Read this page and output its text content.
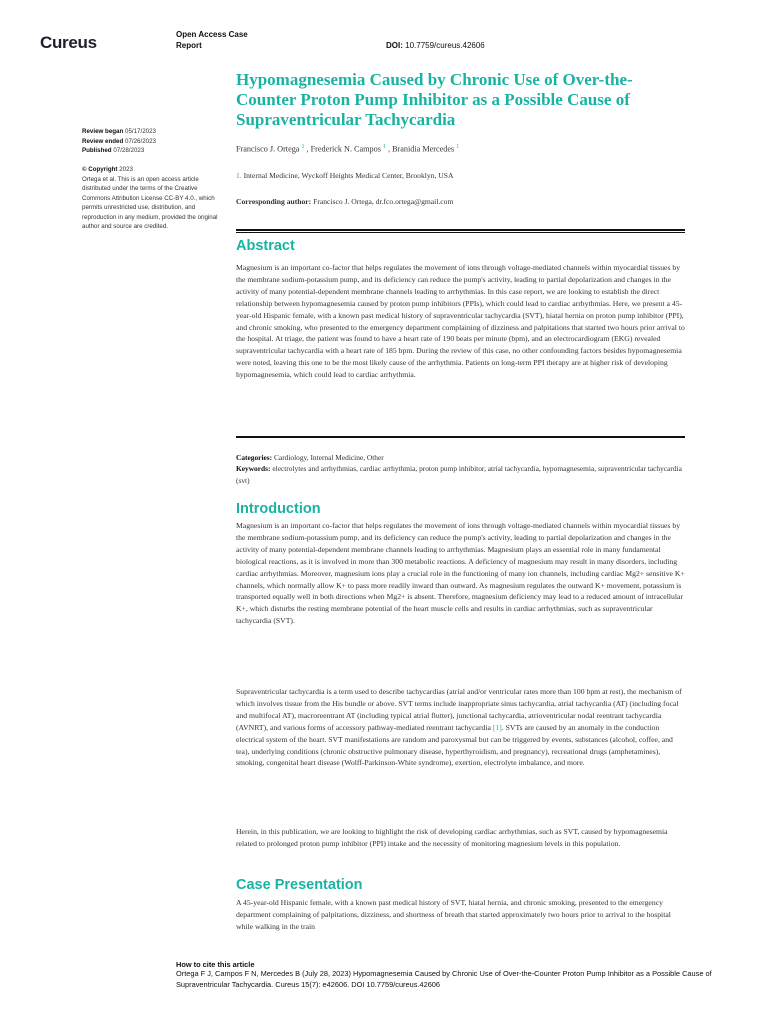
Cureus	Open Access Case
Report	DOI: 10.7759/cureus.42606
Hypomagnesemia Caused by Chronic Use of Over-the-Counter Proton Pump Inhibitor as a Possible Cause of Supraventricular Tachycardia
Francisco J. Ortega $^1$ , Frederick N. Campos $^1$ , Branidia Mercedes $^1$
1. Internal Medicine, Wyckoff Heights Medical Center, Brooklyn, USA
Corresponding author: Francisco J. Ortega, dr.fco.ortega@gmail.com
Review began 05/17/2023
Review ended 07/26/2023
Published 07/28/2023
© Copyright 2023
Ortega et al. This is an open access article distributed under the terms of the Creative Commons Attribution License CC-BY 4.0., which permits unrestricted use, distribution, and reproduction in any medium, provided the original author and source are credited.
Abstract

Magnesium is an important co-factor that helps regulates the movement of ions through voltage-mediated channels within myocardial tissues by the membrane sodium-potassium pump, and its deficiency can reduce the pump's activity, leading to partial depolarization and changes in the activity of many potential-dependent membrane channels leading to arrhythmias. In this case report, we are looking to establish the direct relationship between hypomagnesemia caused by proton pump inhibitors (PPIs), which could lead to cardiac arrhythmias. Here, we present a 45-year-old Hispanic female, with a known past medical history of supraventricular tachycardia (SVT), hiatal hernia on proton pump inhibitor (PPI), and chronic smoking, who presented to the emergency department complaining of dizziness and palpitations that started two hours prior arrival to the hospital. At triage, the patient was found to have a heart rate of 190 beats per minute (bpm), and an electrocardiogram (EKG) revealed supraventricular tachycardia with a heart rate of 185 bpm. During the review of this case, no other confounding factors besides hypomagnesemia were noted, leaving this one to be the most likely cause of the arrhythmia. Patients on long-term PPI therapy are at higher risk of developing hypomagnesemia, which could lead to cardiac arrhythmia.

Categories: Cardiology, Internal Medicine, Other
Keywords: electrolytes and arrhythmias, cardiac arrhythmia, proton pump inhibitor, atrial tachycardia, hypomagnesemia, supraventricular tachycardia (svt)
Introduction

Magnesium is an important co-factor that helps regulates the movement of ions through voltage-mediated channels within myocardial tissues by the membrane sodium-potassium pump, and its deficiency can reduce the pump's activity, leading to partial depolarization and changes in the activity of many potential-dependent membrane channels leading to arrhythmias. Magnesium plays an essential role in many fundamental biological reactions, as it is involved in more than 300 metabolic reactions. A deficiency of magnesium may result in many disorders, including cardiac arrhythmias. Moreover, magnesium ions play a crucial role in the functioning of many ion channels, including cardiac Mg2+ sensitive K+ channels, which normally allow K+ to pass more readily inward than outward. As magnesium regulates the outward K+ movement, potassium is transported equally well in both directions when Mg2+ is absent. Therefore, magnesium deficiency may lead to a reduced amount of intracellular K+, which disturbs the resting membrane potential of the heart muscle cells and results in cardiac arrhythmias, such as supraventricular tachycardia (SVT).

Supraventricular tachycardia is a term used to describe tachycardias (atrial and/or ventricular rates more than 100 bpm at rest), the mechanism of which involves tissue from the His bundle or above. SVT terms include inappropriate sinus tachycardia, atrial tachycardia (AT) (including focal and multifocal AT), macroreentrant AT (including typical atrial flutter), junctional tachycardia, atrioventricular nodal reentrant tachycardia (AVNRT), and various forms of accessory pathway-mediated reentrant tachycardia [1]. SVTs are caused by an anomaly in the conduction electrical system of the heart. SVT manifestations are random and paroxysmal but can be triggered by events, substances (alcohol, coffee, and tea), underlying conditions (chronic obstructive pulmonary disease, hyperthyroidism, and pregnancy), recreational drugs (amphetamines), smoking, congenital heart disease (Wolff-Parkinson-White syndrome), exertion, electrolyte imbalance, and more.

Herein, in this publication, we are looking to highlight the risk of developing cardiac arrhythmias, such as SVT, caused by hypomagnesemia related to prolonged proton pump inhibitor (PPI) intake and the necessity of monitoring magnesium levels in this population.

Case Presentation

A 45-year-old Hispanic female, with a known past medical history of SVT, hiatal hernia, and chronic smoking, presented to the emergency department complaining of palpitations, dizziness, and shortness of breath that started approximately two hours prior to arrival to the hospital while walking in the train

How to cite this article
Ortega F J, Campos F N, Mercedes B (July 28, 2023) Hypomagnesemia Caused by Chronic Use of Over-the-Counter Proton Pump Inhibitor as a Possible Cause of Supraventricular Tachycardia. Cureus 15(7): e42606. DOI 10.7759/cureus.42606
